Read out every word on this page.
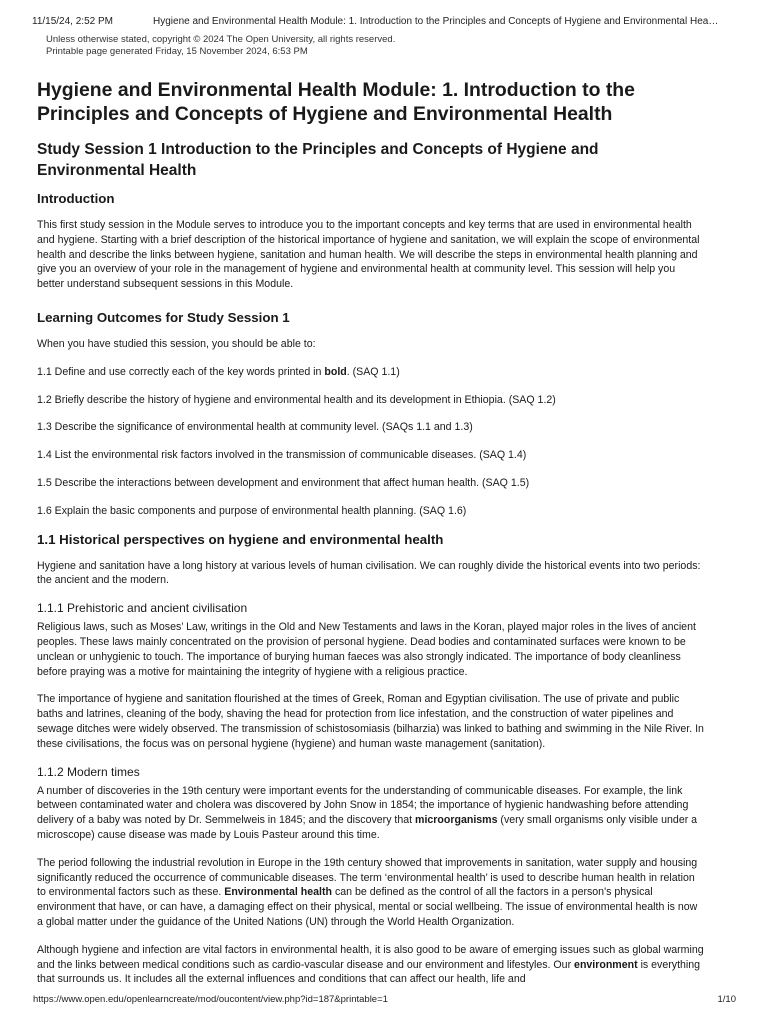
11/15/24, 2:52 PM	Hygiene and Environmental Health Module: 1. Introduction to the Principles and Concepts of Hygiene and Environmental Hea…
Unless otherwise stated, copyright © 2024 The Open University, all rights reserved.
Printable page generated Friday, 15 November 2024, 6:53 PM
Hygiene and Environmental Health Module: 1. Introduction to the Principles and Concepts of Hygiene and Environmental Health
Study Session 1 Introduction to the Principles and Concepts of Hygiene and Environmental Health
Introduction

This first study session in the Module serves to introduce you to the important concepts and key terms that are used in environmental health and hygiene. Starting with a brief description of the historical importance of hygiene and sanitation, we will explain the scope of environmental health and describe the links between hygiene, sanitation and human health. We will describe the steps in environmental health planning and give you an overview of your role in the management of hygiene and environmental health at community level. This session will help you better understand subsequent sessions in this Module.

Learning Outcomes for Study Session 1

When you have studied this session, you should be able to:

1.1 Define and use correctly each of the key words printed in bold. (SAQ 1.1)
1.2 Briefly describe the history of hygiene and environmental health and its development in Ethiopia. (SAQ 1.2)
1.3 Describe the significance of environmental health at community level. (SAQs 1.1 and 1.3)
1.4 List the environmental risk factors involved in the transmission of communicable diseases. (SAQ 1.4)
1.5 Describe the interactions between development and environment that affect human health. (SAQ 1.5)
1.6 Explain the basic components and purpose of environmental health planning. (SAQ 1.6)
1.1 Historical perspectives on hygiene and environmental health

Hygiene and sanitation have a long history at various levels of human civilisation. We can roughly divide the historical events into two periods: the ancient and the modern.

1.1.1 Prehistoric and ancient civilisation

Religious laws, such as Moses’ Law, writings in the Old and New Testaments and laws in the Koran, played major roles in the lives of ancient peoples. These laws mainly concentrated on the provision of personal hygiene. Dead bodies and contaminated surfaces were known to be unclean or unhygienic to touch. The importance of burying human faeces was also strongly indicated. The importance of body cleanliness before praying was a motive for maintaining the integrity of hygiene with a religious practice.

The importance of hygiene and sanitation flourished at the times of Greek, Roman and Egyptian civilisation. The use of private and public baths and latrines, cleaning of the body, shaving the head for protection from lice infestation, and the construction of water pipelines and sewage ditches were widely observed. The transmission of schistosomiasis (bilharzia) was linked to bathing and swimming in the Nile River. In these civilisations, the focus was on personal hygiene (hygiene) and human waste management (sanitation).

1.1.2 Modern times

A number of discoveries in the 19th century were important events for the understanding of communicable diseases. For example, the link between contaminated water and cholera was discovered by John Snow in 1854; the importance of hygienic handwashing before attending delivery of a baby was noted by Dr. Semmelweis in 1845; and the discovery that microorganisms (very small organisms only visible under a microscope) cause disease was made by Louis Pasteur around this time.

The period following the industrial revolution in Europe in the 19th century showed that improvements in sanitation, water supply and housing significantly reduced the occurrence of communicable diseases. The term ‘environmental health’ is used to describe human health in relation to environmental factors such as these. Environmental health can be defined as the control of all the factors in a person's physical environment that have, or can have, a damaging effect on their physical, mental or social wellbeing. The issue of environmental health is now a global matter under the guidance of the United Nations (UN) through the World Health Organization.

Although hygiene and infection are vital factors in environmental health, it is also good to be aware of emerging issues such as global warming and the links between medical conditions such as cardio-vascular disease and our environment and lifestyles. Our environment is everything that surrounds us. It includes all the external influences and conditions that can affect our health, life and

https://www.open.edu/openlearncreate/mod/oucontent/view.php?id=187&printable=1	1/10
